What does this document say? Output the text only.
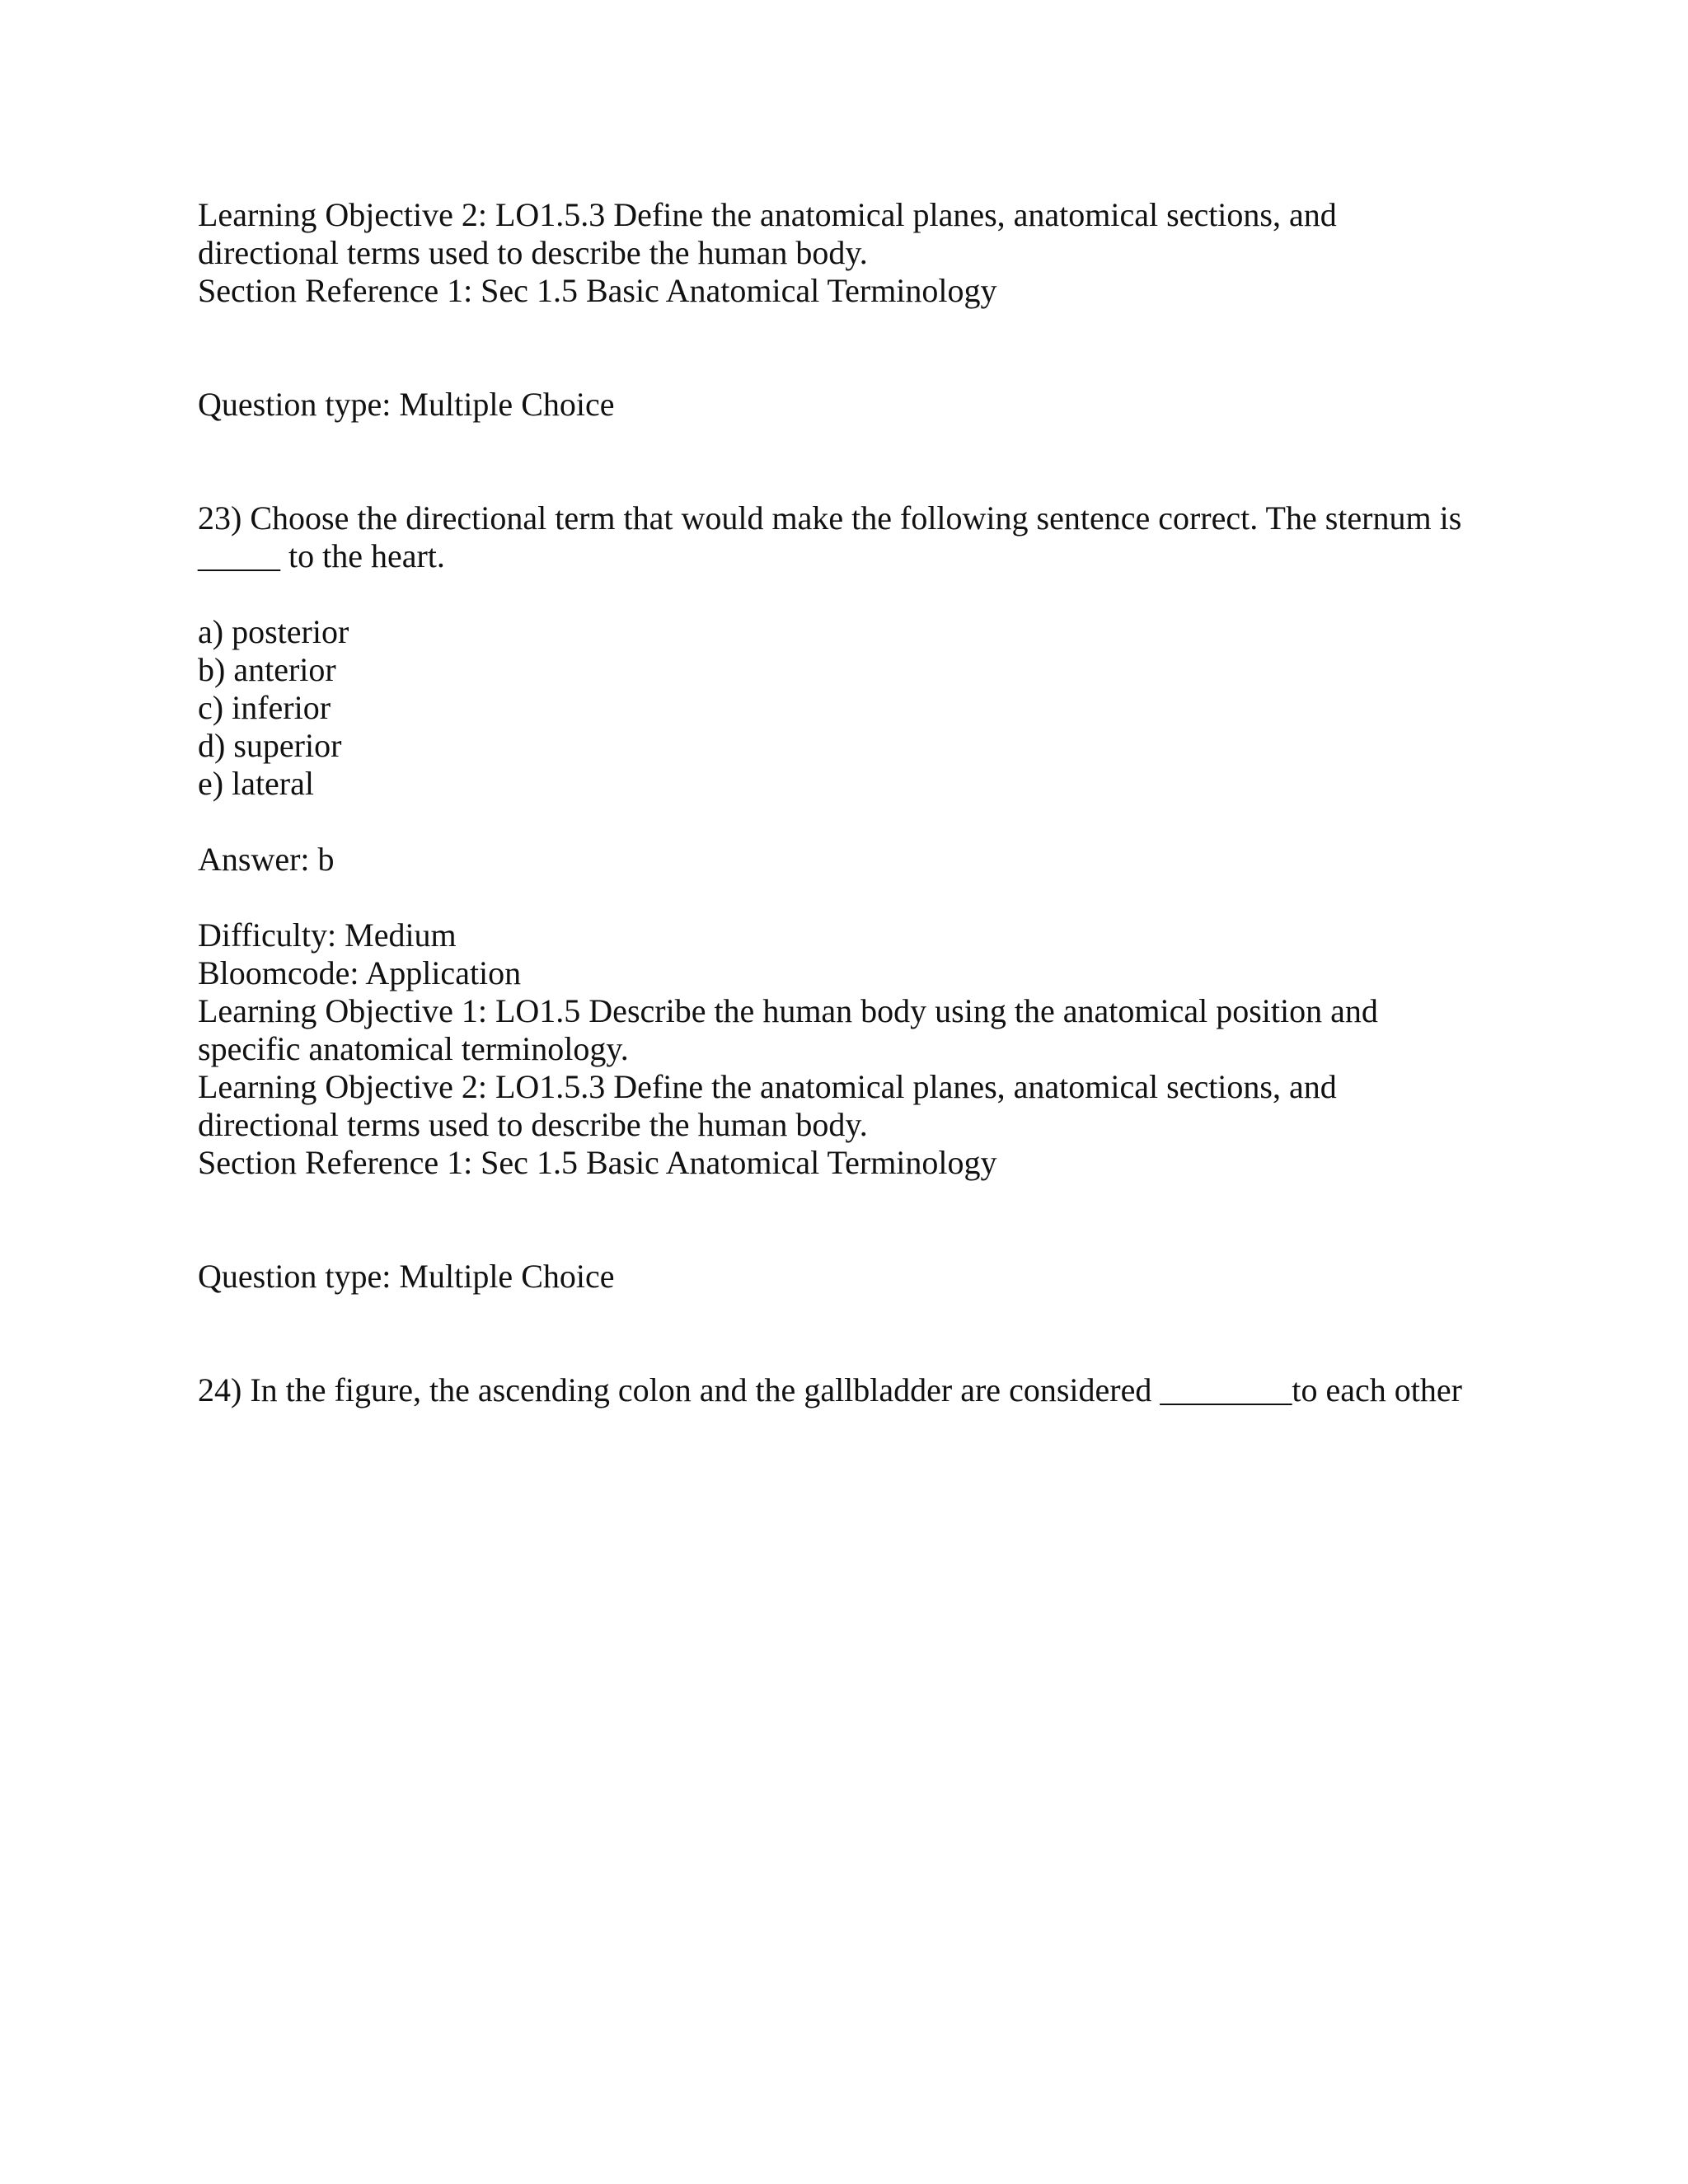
Learning Objective 2: LO1.5.3 Define the anatomical planes, anatomical sections, and
directional terms used to describe the human body.
Section Reference 1: Sec 1.5 Basic Anatomical Terminology
Question type: Multiple Choice
23) Choose the directional term that would make the following sentence correct. The sternum is
_____ to the heart.
a) posterior
b) anterior
c) inferior
d) superior
e) lateral
Answer: b
Difficulty: Medium
Bloomcode: Application
Learning Objective 1: LO1.5 Describe the human body using the anatomical position and
specific anatomical terminology.
Learning Objective 2: LO1.5.3 Define the anatomical planes, anatomical sections, and
directional terms used to describe the human body.
Section Reference 1: Sec 1.5 Basic Anatomical Terminology
Question type: Multiple Choice
24) In the figure, the ascending colon and the gallbladder are considered ________to each other
